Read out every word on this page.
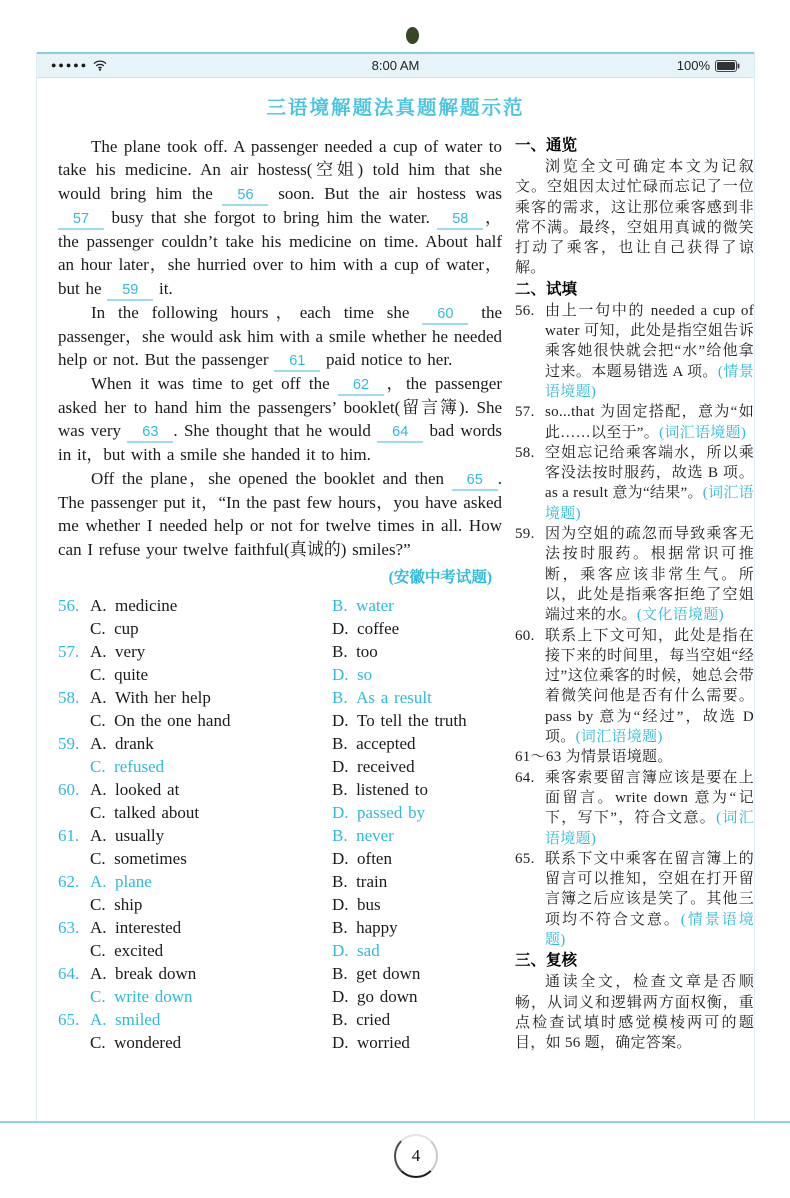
●●●●●	8:00 AM	100%
三语境解题法真题解题示范

The plane took off. A passenger needed a cup of water to take his medicine. An air hostess(空姐) told him that she would bring him the 56 soon. But the air hostess was 57 busy that she forgot to bring him the water. 58 ，the passenger couldn’t take his medicine on time. About half an hour later，she hurried over to him with a cup of water，but he 59 it.

In the following hours，each time she 60 the passenger，she would ask him with a smile whether he needed help or not. But the passenger 61 paid notice to her.

When it was time to get off the 62 ，the passenger asked her to hand him the passengers’ booklet(留言簿). She was very 63 . She thought that he would 64 bad words in it，but with a smile she handed it to him.

Off the plane，she opened the booklet and then 65 . The passenger put it，“In the past few hours，you have asked me whether I needed help or not for twelve times in all. How can I refuse your twelve faithful(真诚的) smiles?”

(安徽中考试题)
56. A. medicine	B. water
C. cup	D. coffee
57. A. very	B. too
C. quite	D. so
58. A. With her help	B. As a result
C. On the one hand	D. To tell the truth
59. A. drank	B. accepted
C. refused	D. received
60. A. looked at	B. listened to
C. talked about	D. passed by
61. A. usually	B. never
C. sometimes	D. often
62. A. plane	B. train
C. ship	D. bus
63. A. interested	B. happy
C. excited	D. sad
64. A. break down	B. get down
C. write down	D. go down
65. A. smiled	B. cried
C. wondered	D. worried
一、通览

浏览全文可确定本文为记叙文。空姐因太过忙碌而忘记了一位乘客的需求，这让那位乘客感到非常不满。最终，空姐用真诚的微笑打动了乘客，也让自己获得了谅解。

二、试填
56. 由上一句中的 needed a cup of water 可知，此处是指空姐告诉乘客她很快就会把“水”给他拿过来。本题易错选 A 项。(情景语境题)
57. so...that 为固定搭配，意为“如此……以至于”。(词汇语境题)
58. 空姐忘记给乘客端水，所以乘客没法按时服药，故选 B 项。as a result 意为“结果”。(词汇语境题)
59. 因为空姐的疏忽而导致乘客无法按时服药。根据常识可推断，乘客应该非常生气。所以，此处是指乘客拒绝了空姐端过来的水。(文化语境题)
60. 联系上下文可知，此处是指在接下来的时间里，每当空姐“经过”这位乘客的时候，她总会带着微笑问他是否有什么需要。pass by 意为“经过”，故选 D 项。(词汇语境题)

61～63 为情景语境题。

64. 乘客索要留言簿应该是要在上面留言。write down 意为“记下，写下”，符合文意。(词汇语境题)
65. 联系下文中乘客在留言簿上的留言可以推知，空姐在打开留言簿之后应该是笑了。其他三项均不符合文意。(情景语境题)
三、复核

通读全文，检查文章是否顺畅，从词义和逻辑两方面权衡，重点检查试填时感觉模棱两可的题目，如 56 题，确定答案。

4
